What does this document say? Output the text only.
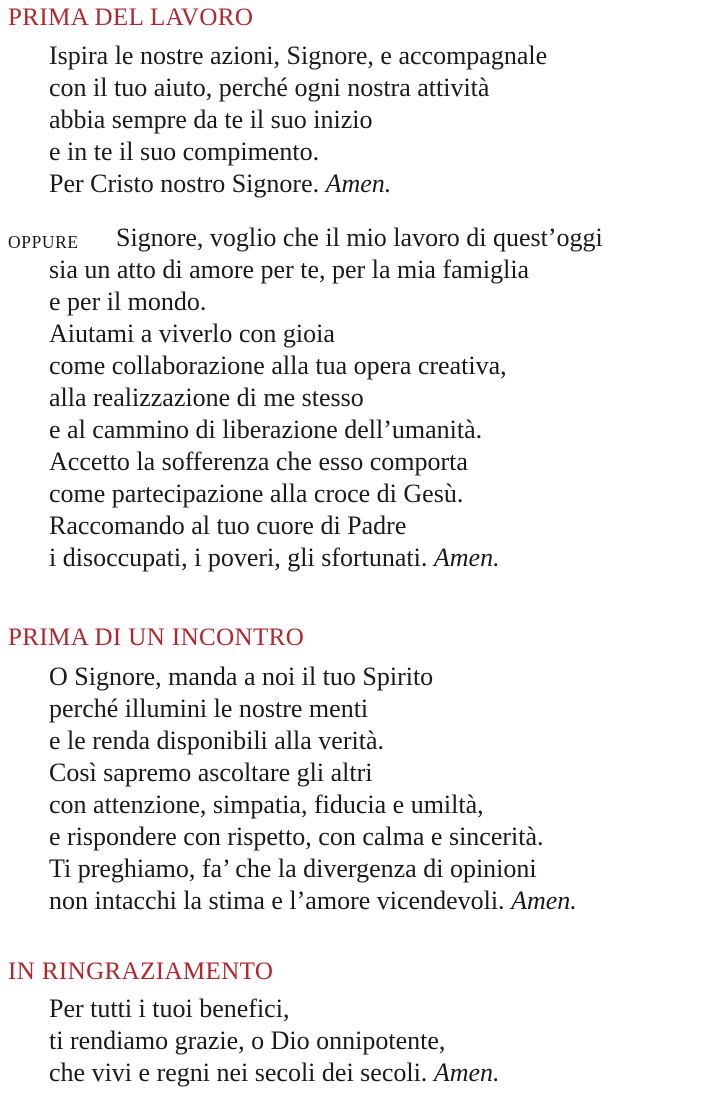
PRIMA DEL LAVORO
Ispira le nostre azioni, Signore, e accompagnale
con il tuo aiuto, perché ogni nostra attività
abbia sempre da te il suo inizio
e in te il suo compimento.
Per Cristo nostro Signore. Amen.
OPPURE Signore, voglio che il mio lavoro di quest’oggi
sia un atto di amore per te, per la mia famiglia
e per il mondo.
Aiutami a viverlo con gioia
come collaborazione alla tua opera creativa,
alla realizzazione di me stesso
e al cammino di liberazione dell’umanità.
Accetto la sofferenza che esso comporta
come partecipazione alla croce di Gesù.
Raccomando al tuo cuore di Padre
i disoccupati, i poveri, gli sfortunati. Amen.
PRIMA DI UN INCONTRO
O Signore, manda a noi il tuo Spirito
perché illumini le nostre menti
e le renda disponibili alla verità.
Così sapremo ascoltare gli altri
con attenzione, simpatia, fiducia e umiltà,
e rispondere con rispetto, con calma e sincerità.
Ti preghiamo, fa’ che la divergenza di opinioni
non intacchi la stima e l’amore vicendevoli. Amen.
IN RINGRAZIAMENTO
Per tutti i tuoi benefici,
ti rendiamo grazie, o Dio onnipotente,
che vivi e regni nei secoli dei secoli. Amen.
